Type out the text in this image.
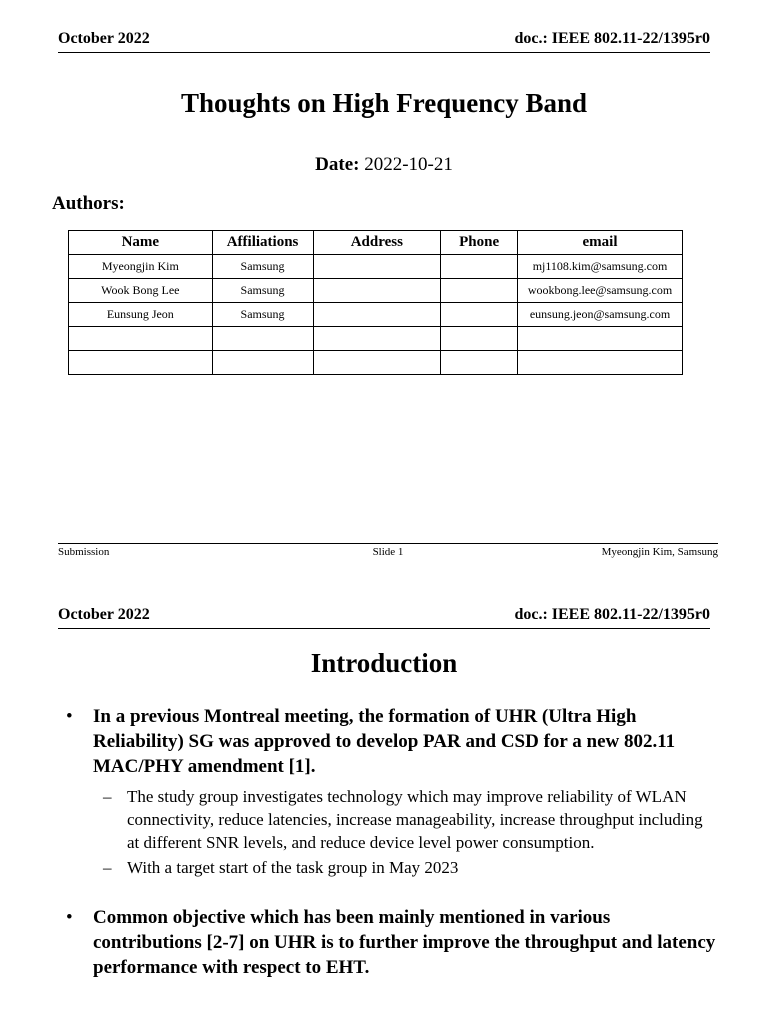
October 2022	doc.: IEEE 802.11-22/1395r0
Thoughts on High Frequency Band
Date: 2022-10-21
Authors:
Name	Affiliations	Address	Phone	email
Myeongjin Kim	Samsung			mj1108.kim@samsung.com
Wook Bong Lee	Samsung			wookbong.lee@samsung.com
Eunsung Jeon	Samsung			eunsung.jeon@samsung.com

Submission	Slide 1	Myeongjin Kim, Samsung
October 2022	doc.: IEEE 802.11-22/1395r0
Introduction
• In a previous Montreal meeting, the formation of UHR (Ultra High Reliability) SG was approved to develop PAR and CSD for a new 802.11 MAC/PHY amendment [1].
– The study group investigates technology which may improve reliability of WLAN connectivity, reduce latencies, increase manageability, increase throughput including at different SNR levels, and reduce device level power consumption.
– With a target start of the task group in May 2023
• Common objective which has been mainly mentioned in various contributions [2-7] on UHR is to further improve the throughput and latency performance with respect to EHT.
